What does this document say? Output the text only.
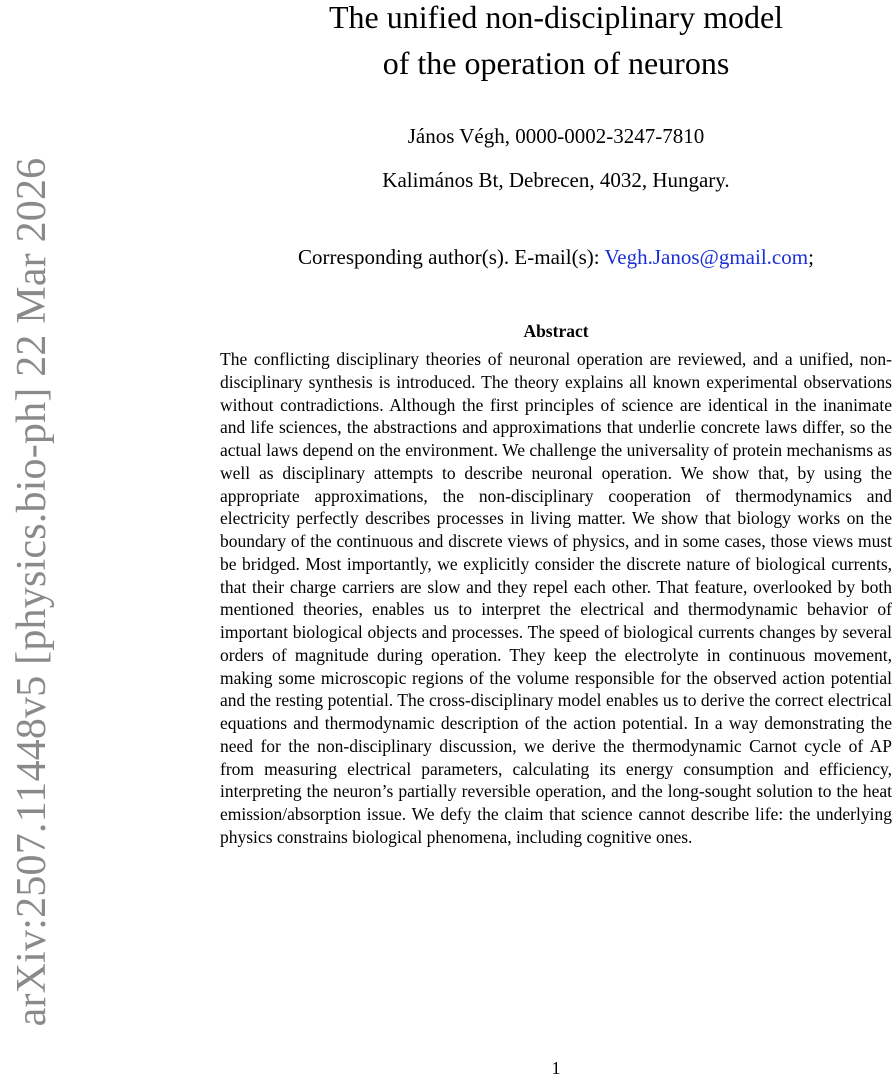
arXiv:2507.11448v5 [physics.bio-ph] 22 Mar 2026
The unified non-disciplinary model
of the operation of neurons
János Végh, 0000-0002-3247-7810
Kalimános Bt, Debrecen, 4032, Hungary.
Corresponding author(s). E-mail(s): Vegh.Janos@gmail.com;
Abstract

The conflicting disciplinary theories of neuronal operation are reviewed, and a unified, non-disciplinary synthesis is introduced. The theory explains all known experimental observations without contradictions. Although the first principles of science are identical in the inanimate and life sciences, the abstractions and approximations that underlie concrete laws differ, so the actual laws depend on the environment. We challenge the universality of protein mechanisms as well as disciplinary attempts to describe neuronal operation. We show that, by using the appropriate approximations, the non-disciplinary cooperation of thermodynamics and electricity perfectly describes processes in living matter. We show that biology works on the boundary of the continuous and discrete views of physics, and in some cases, those views must be bridged. Most importantly, we explicitly consider the discrete nature of biological currents, that their charge carriers are slow and they repel each other. That feature, overlooked by both mentioned theories, enables us to interpret the electrical and thermodynamic behavior of important biological objects and processes. The speed of biological currents changes by several orders of magnitude during operation. They keep the electrolyte in continuous movement, making some microscopic regions of the volume responsible for the observed action potential and the resting potential. The cross-disciplinary model enables us to derive the correct electrical equations and thermodynamic description of the action potential. In a way demonstrating the need for the non-disciplinary discussion, we derive the thermodynamic Carnot cycle of AP from measuring electrical parameters, calculating its energy consumption and efficiency, interpreting the neuron’s partially reversible operation, and the long-sought solution to the heat emission/absorption issue. We defy the claim that science cannot describe life: the underlying physics constrains biological phenomena, including cognitive ones.

1
